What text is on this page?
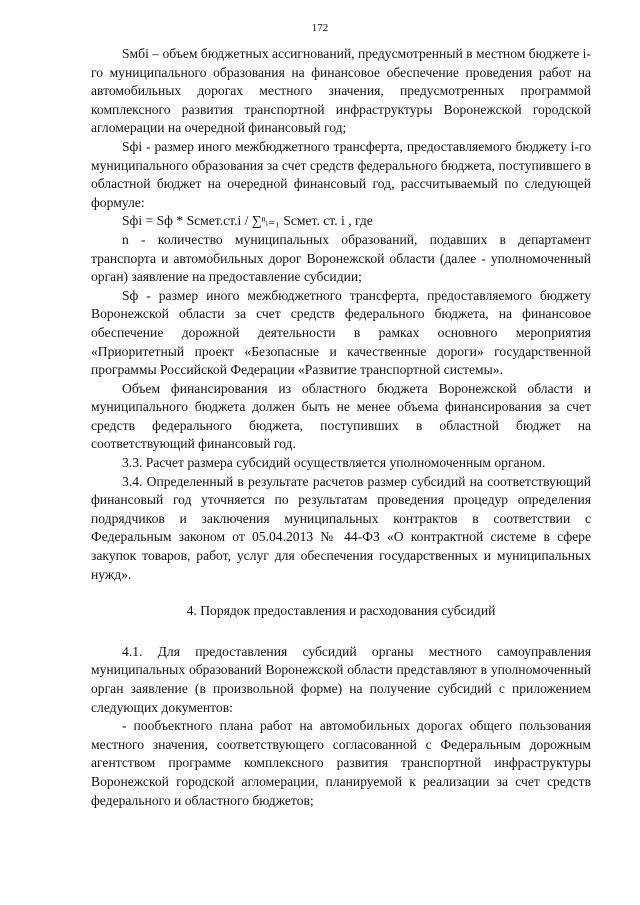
172

Sмбi – объем бюджетных ассигнований, предусмотренный в местном бюджете i-го муниципального образования на финансовое обеспечение проведения работ на автомобильных дорогах местного значения, предусмотренных программой комплексного развития транспортной инфраструктуры Воронежской городской агломерации на очередной финансовый год;

Sфi - размер иного межбюджетного трансферта, предоставляемого бюджету i-го муниципального образования за счет средств федерального бюджета, поступившего в областной бюджет на очередной финансовый год, рассчитываемый по следующей формуле:

Sфi = Sф * Sсмет.ст.i / ∑ⁿᵢ₌₁ Sсмет. ст. i , где

n - количество муниципальных образований, подавших в департамент транспорта и автомобильных дорог Воронежской области (далее - уполномоченный орган) заявление на предоставление субсидии;

Sф - размер иного межбюджетного трансферта, предоставляемого бюджету Воронежской области за счет средств федерального бюджета, на финансовое обеспечение дорожной деятельности в рамках основного мероприятия «Приоритетный проект «Безопасные и качественные дороги» государственной программы Российской Федерации «Развитие транспортной системы».

Объем финансирования из областного бюджета Воронежской области и муниципального бюджета должен быть не менее объема финансирования за счет средств федерального бюджета, поступивших в областной бюджет на соответствующий финансовый год.

3.3. Расчет размера субсидий осуществляется уполномоченным органом.

3.4. Определенный в результате расчетов размер субсидий на соответствующий финансовый год уточняется по результатам проведения процедур определения подрядчиков и заключения муниципальных контрактов в соответствии с Федеральным законом от 05.04.2013 № 44-ФЗ «О контрактной системе в сфере закупок товаров, работ, услуг для обеспечения государственных и муниципальных нужд».

4. Порядок предоставления и расходования субсидий

4.1. Для предоставления субсидий органы местного самоуправления муниципальных образований Воронежской области представляют в уполномоченный орган заявление (в произвольной форме) на получение субсидий с приложением следующих документов:

- пообъектного плана работ на автомобильных дорогах общего пользования местного значения, соответствующего согласованной с Федеральным дорожным агентством программе комплексного развития транспортной инфраструктуры Воронежской городской агломерации, планируемой к реализации за счет средств федерального и областного бюджетов;
